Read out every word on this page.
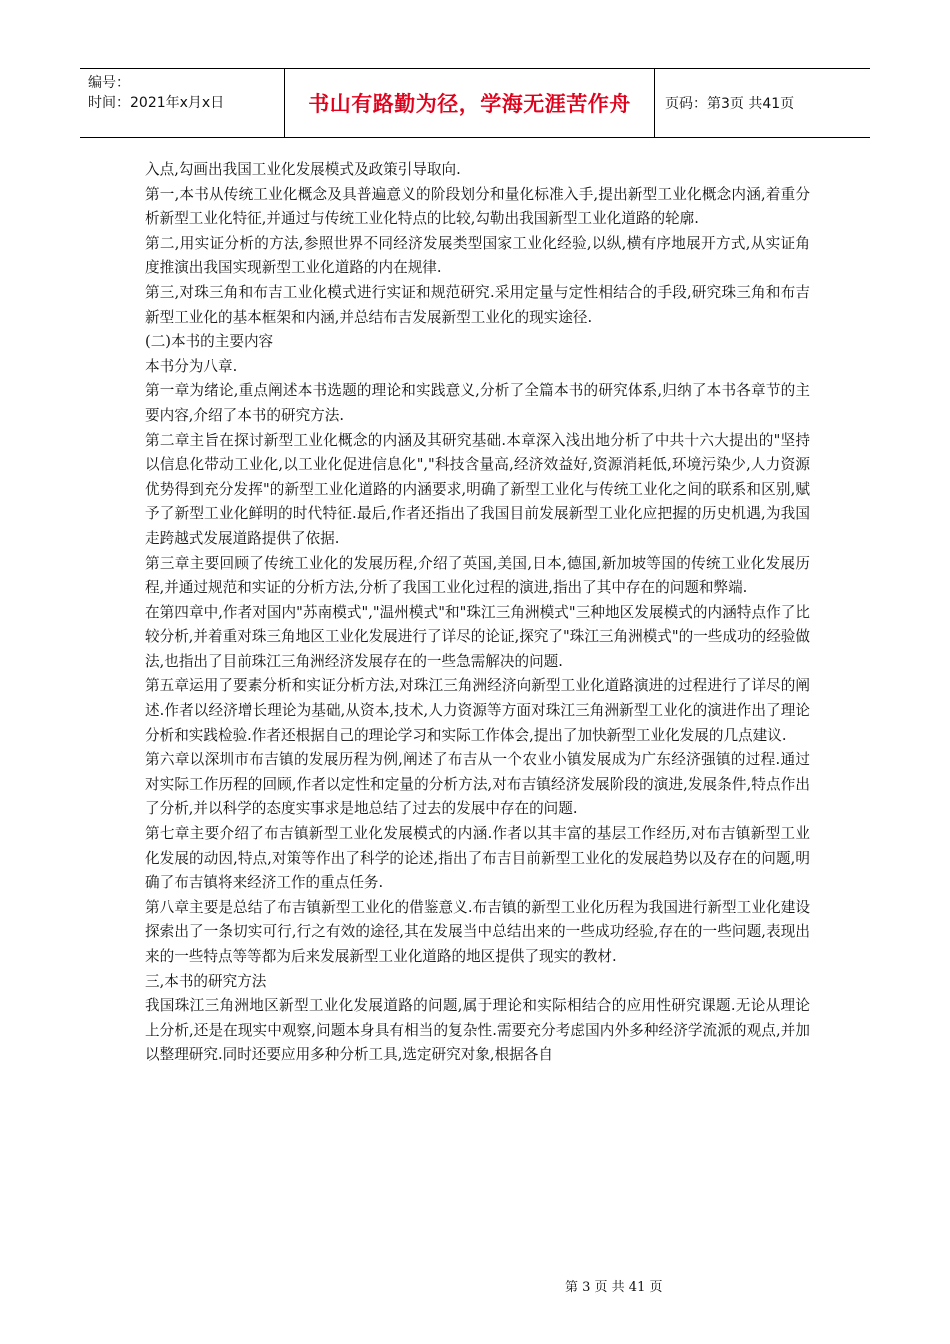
编号：
时间：2021年x月x日	书山有路勤为径，学海无涯苦作舟	页码：第3页 共41页

入点,勾画出我国工业化发展模式及政策引导取向.

第一,本书从传统工业化概念及具普遍意义的阶段划分和量化标准入手,提出新型工业化概念内涵,着重分析新型工业化特征,并通过与传统工业化特点的比较,勾勒出我国新型工业化道路的轮廓.

第二,用实证分析的方法,参照世界不同经济发展类型国家工业化经验,以纵,横有序地展开方式,从实证角度推演出我国实现新型工业化道路的内在规律.

第三,对珠三角和布吉工业化模式进行实证和规范研究.采用定量与定性相结合的手段,研究珠三角和布吉新型工业化的基本框架和内涵,并总结布吉发展新型工业化的现实途径.

(二)本书的主要内容

本书分为八章.

第一章为绪论,重点阐述本书选题的理论和实践意义,分析了全篇本书的研究体系,归纳了本书各章节的主要内容,介绍了本书的研究方法.

第二章主旨在探讨新型工业化概念的内涵及其研究基础.本章深入浅出地分析了中共十六大提出的"坚持以信息化带动工业化,以工业化促进信息化","科技含量高,经济效益好,资源消耗低,环境污染少,人力资源优势得到充分发挥"的新型工业化道路的内涵要求,明确了新型工业化与传统工业化之间的联系和区别,赋予了新型工业化鲜明的时代特征.最后,作者还指出了我国目前发展新型工业化应把握的历史机遇,为我国走跨越式发展道路提供了依据.

第三章主要回顾了传统工业化的发展历程,介绍了英国,美国,日本,德国,新加坡等国的传统工业化发展历程,并通过规范和实证的分析方法,分析了我国工业化过程的演进,指出了其中存在的问题和弊端.

在第四章中,作者对国内"苏南模式","温州模式"和"珠江三角洲模式"三种地区发展模式的内涵特点作了比较分析,并着重对珠三角地区工业化发展进行了详尽的论证,探究了"珠江三角洲模式"的一些成功的经验做法,也指出了目前珠江三角洲经济发展存在的一些急需解决的问题.

第五章运用了要素分析和实证分析方法,对珠江三角洲经济向新型工业化道路演进的过程进行了详尽的阐述.作者以经济增长理论为基础,从资本,技术,人力资源等方面对珠江三角洲新型工业化的演进作出了理论分析和实践检验.作者还根据自己的理论学习和实际工作体会,提出了加快新型工业化发展的几点建议.

第六章以深圳市布吉镇的发展历程为例,阐述了布吉从一个农业小镇发展成为广东经济强镇的过程.通过对实际工作历程的回顾,作者以定性和定量的分析方法,对布吉镇经济发展阶段的演进,发展条件,特点作出了分析,并以科学的态度实事求是地总结了过去的发展中存在的问题.

第七章主要介绍了布吉镇新型工业化发展模式的内涵.作者以其丰富的基层工作经历,对布吉镇新型工业化发展的动因,特点,对策等作出了科学的论述,指出了布吉目前新型工业化的发展趋势以及存在的问题,明确了布吉镇将来经济工作的重点任务.

第八章主要是总结了布吉镇新型工业化的借鉴意义.布吉镇的新型工业化历程为我国进行新型工业化建设探索出了一条切实可行,行之有效的途径,其在发展当中总结出来的一些成功经验,存在的一些问题,表现出来的一些特点等等都为后来发展新型工业化道路的地区提供了现实的教材.

三,本书的研究方法

我国珠江三角洲地区新型工业化发展道路的问题,属于理论和实际相结合的应用性研究课题.无论从理论上分析,还是在现实中观察,问题本身具有相当的复杂性.需要充分考虑国内外多种经济学流派的观点,并加以整理研究.同时还要应用多种分析工具,选定研究对象,根据各自

第 3 页 共 41 页
